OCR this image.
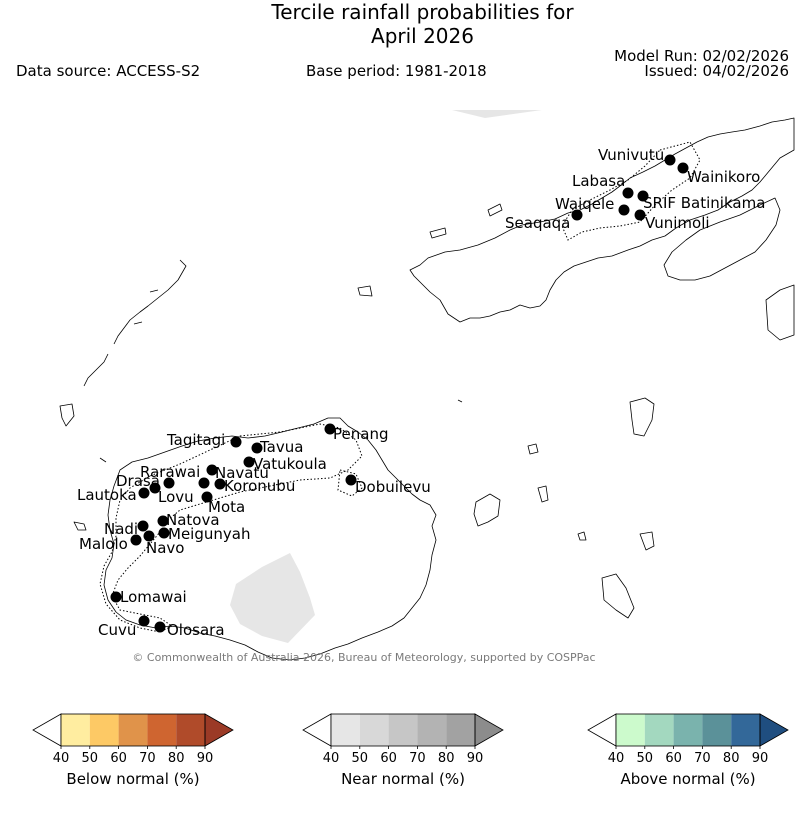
Tercile rainfall probabilities for
April 2026
Data source: ACCESS-S2	Base period: 1981-2018
Model Run: 02/02/2026
Issued: 04/02/2026
Vunivutu
Wainikoro
Labasa
SRIF Batinikama
Waiqele
Seaqaqa	Vunimoli
Penang
Tagitagi Tavua
Vatukoula
Rarawai Navatu
Drasa	Koronubu
Lautoka Lovu
Mota
Dobuilevu
Natova
Nadi Meigunyah
Malolo Navo
Lomawai
Cuvu Olosara
© Commonwealth of Australia 2026, Bureau of Meteorology, supported by COSPPac
40 50 60 70 80 90	40 50 60 70 80 90	40 50 60 70 80 90
Below normal (%)	Near normal (%)	Above normal (%)
